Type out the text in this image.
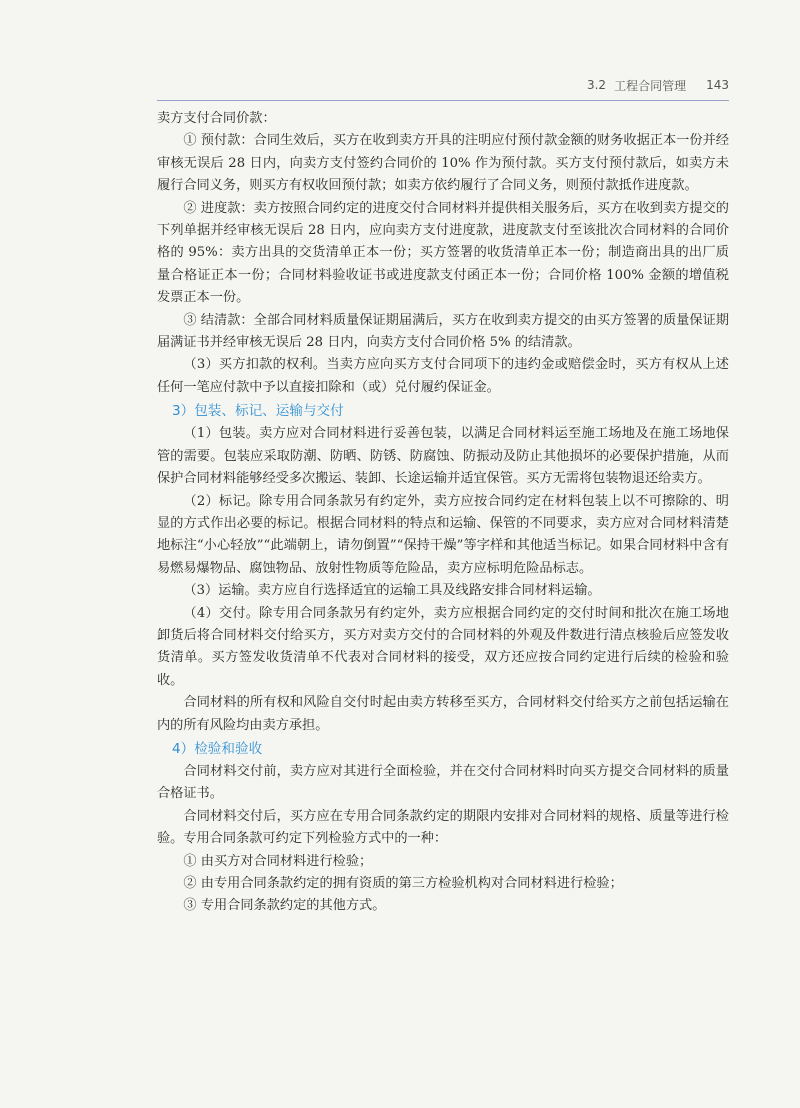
3.2 工程合同管理 143

卖方支付合同价款：

① 预付款：合同生效后，买方在收到卖方开具的注明应付预付款金额的财务收据正本一份并经审核无误后 28 日内，向卖方支付签约合同价的 10% 作为预付款。买方支付预付款后，如卖方未履行合同义务，则买方有权收回预付款；如卖方依约履行了合同义务，则预付款抵作进度款。

② 进度款：卖方按照合同约定的进度交付合同材料并提供相关服务后，买方在收到卖方提交的下列单据并经审核无误后 28 日内，应向卖方支付进度款，进度款支付至该批次合同材料的合同价格的 95%：卖方出具的交货清单正本一份；买方签署的收货清单正本一份；制造商出具的出厂质量合格证正本一份；合同材料验收证书或进度款支付函正本一份；合同价格 100% 金额的增值税发票正本一份。

③ 结清款：全部合同材料质量保证期届满后，买方在收到卖方提交的由买方签署的质量保证期届满证书并经审核无误后 28 日内，向卖方支付合同价格 5% 的结清款。

（3）买方扣款的权利。当卖方应向买方支付合同项下的违约金或赔偿金时，买方有权从上述任何一笔应付款中予以直接扣除和（或）兑付履约保证金。

3）包装、标记、运输与交付

（1）包装。卖方应对合同材料进行妥善包装，以满足合同材料运至施工场地及在施工场地保管的需要。包装应采取防潮、防晒、防锈、防腐蚀、防振动及防止其他损坏的必要保护措施，从而保护合同材料能够经受多次搬运、装卸、长途运输并适宜保管。买方无需将包装物退还给卖方。

（2）标记。除专用合同条款另有约定外，卖方应按合同约定在材料包装上以不可擦除的、明显的方式作出必要的标记。根据合同材料的特点和运输、保管的不同要求，卖方应对合同材料清楚地标注“小心轻放”“此端朝上，请勿倒置”“保持干燥”等字样和其他适当标记。如果合同材料中含有易燃易爆物品、腐蚀物品、放射性物质等危险品，卖方应标明危险品标志。

（3）运输。卖方应自行选择适宜的运输工具及线路安排合同材料运输。

（4）交付。除专用合同条款另有约定外，卖方应根据合同约定的交付时间和批次在施工场地卸货后将合同材料交付给买方，买方对卖方交付的合同材料的外观及件数进行清点核验后应签发收货清单。买方签发收货清单不代表对合同材料的接受，双方还应按合同约定进行后续的检验和验收。

合同材料的所有权和风险自交付时起由卖方转移至买方，合同材料交付给买方之前包括运输在内的所有风险均由卖方承担。

4）检验和验收

合同材料交付前，卖方应对其进行全面检验，并在交付合同材料时向买方提交合同材料的质量合格证书。

合同材料交付后，买方应在专用合同条款约定的期限内安排对合同材料的规格、质量等进行检验。专用合同条款可约定下列检验方式中的一种：

① 由买方对合同材料进行检验；

② 由专用合同条款约定的拥有资质的第三方检验机构对合同材料进行检验；

③ 专用合同条款约定的其他方式。
